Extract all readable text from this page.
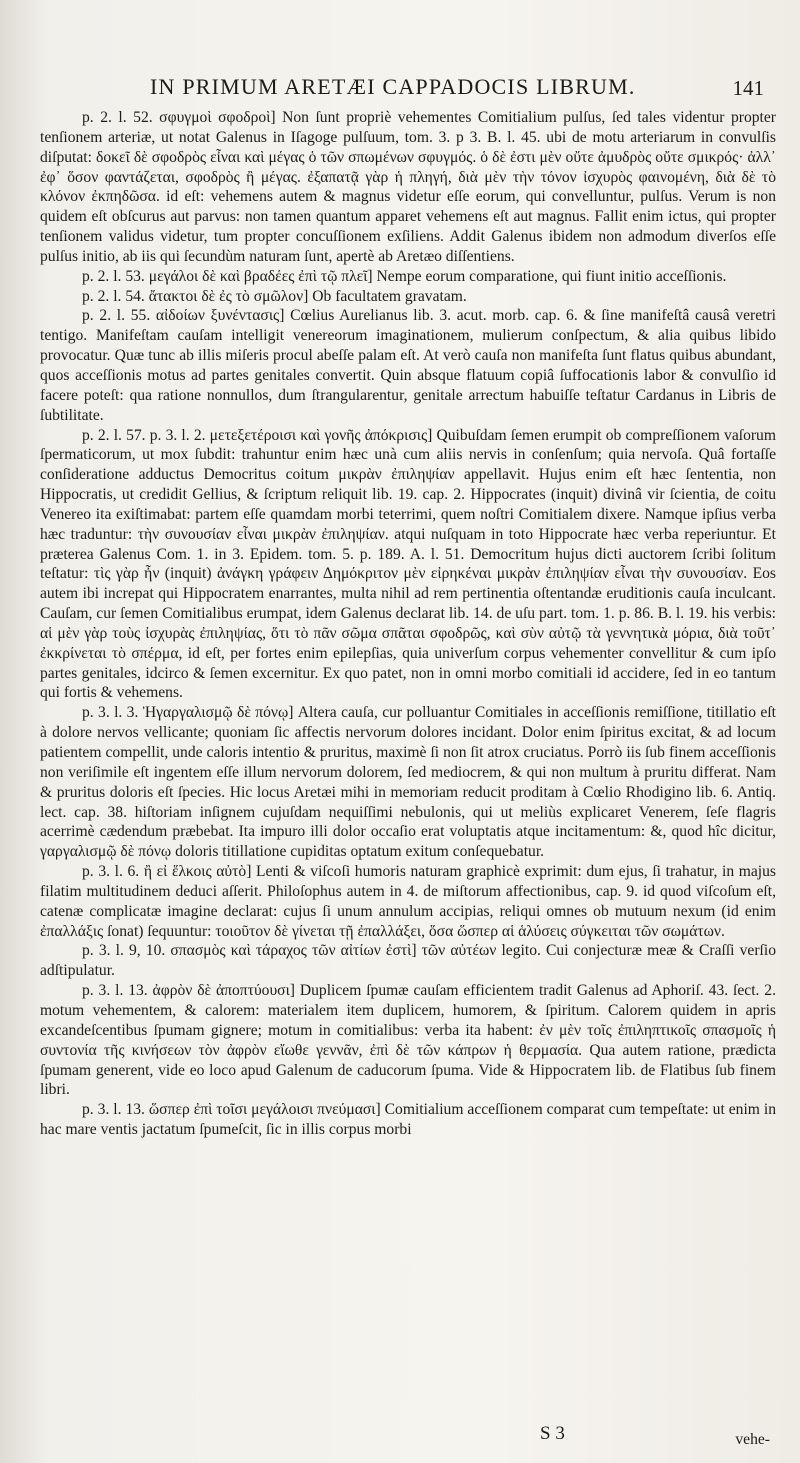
IN PRIMUM ARETÆI CAPPADOCIS LIBRUM.	141

p. 2. l. 52. σφυγμοὶ σφοδροὶ] Non ſunt propriè vehementes Comitialium pulſus, ſed tales videntur propter tenſionem arteriæ, ut notat Galenus in Iſagoge pulſuum, tom. 3. p 3. B. l. 45. ubi de motu arteriarum in convulſis diſputat: δοκεῖ δὲ σφοδρὸς εἶναι καὶ μέγας ὁ τῶν σπωμένων σφυγμός. ὁ δὲ ἐστι μὲν οὔτε ἀμυδρὸς οὔτε σμικρός· ἀλλ᾽ ἐφ᾽ ὅσον φαντάζεται, σφοδρὸς ἢ μέγας. ἐξαπατᾷ γὰρ ἡ πληγή, διὰ μὲν τὴν τόνον ἰσχυρὸς φαινομένη, διὰ δὲ τὸ κλόνον ἐκπηδῶσα. id eſt: vehemens autem & magnus videtur eſſe eorum, qui convelluntur, pulſus. Verum is non quidem eſt obſcurus aut parvus: non tamen quantum apparet vehemens eſt aut magnus. Fallit enim ictus, qui propter tenſionem validus videtur, tum propter concuſſionem exſiliens. Addit Galenus ibidem non admodum diverſos eſſe pulſus initio, ab iis qui ſecundùm naturam ſunt, apertè ab Aretæo diſſentiens.

p. 2. l. 53. μεγάλοι δὲ καὶ βραδέες ἐπὶ τῷ πλεῖ] Nempe eorum comparatione, qui fiunt initio acceſſionis.

p. 2. l. 54. ἄτακτοι δὲ ἐς τὸ σμῶλον] Ob facultatem gravatam.

p. 2. l. 55. αἰδοίων ξυνέντασις] Cœlius Aurelianus lib. 3. acut. morb. cap. 6. & ſine manifeſtâ causâ veretri tentigo. Manifeſtam cauſam intelligit venereorum imaginationem, mulierum conſpectum, & alia quibus libido provocatur. Quæ tunc ab illis miſeris procul abeſſe palam eſt. At verò cauſa non manifeſta ſunt flatus quibus abundant, quos acceſſionis motus ad partes genitales convertit. Quin absque flatuum copiâ ſuffocationis labor & convulſio id facere poteſt: qua ratione nonnullos, dum ſtrangularentur, genitale arrectum habuiſſe teſtatur Cardanus in Libris de ſubtilitate.

p. 2. l. 57. p. 3. l. 2. μετεξετέροισι καὶ γονῆς ἀπόκρισις] Quibuſdam ſemen erumpit ob compreſſionem vaſorum ſpermaticorum, ut mox ſubdit: trahuntur enim hæc unà cum aliis nervis in conſenſum; quia nervoſa. Quâ fortaſſe conſideratione adductus Democritus coitum μικρὰν ἐπιληψίαν appellavit. Hujus enim eſt hæc ſententia, non Hippocratis, ut credidit Gellius, & ſcriptum reliquit lib. 19. cap. 2. Hippocrates (inquit) divinâ vir ſcientia, de coitu Venereo ita exiſtimabat: partem eſſe quamdam morbi teterrimi, quem noſtri Comitialem dixere. Namque ipſius verba hæc traduntur: τὴν συνουσίαν εἶναι μικρὰν ἐπιληψίαν. atqui nuſquam in toto Hippocrate hæc verba reperiuntur. Et præterea Galenus Com. 1. in 3. Epidem. tom. 5. p. 189. A. l. 51. Democritum hujus dicti auctorem ſcribi ſolitum teſtatur: τὶς γὰρ ἦν (inquit) ἀνάγκη γράφειν Δημόκριτον μὲν εἰρηκέναι μικρὰν ἐπιληψίαν εἶναι τὴν συνουσίαν. Eos autem ibi increpat qui Hippocratem enarrantes, multa nihil ad rem pertinentia oſtentandæ eruditionis cauſa inculcant. Cauſam, cur ſemen Comitialibus erumpat, idem Galenus declarat lib. 14. de uſu part. tom. 1. p. 86. B. l. 19. his verbis: αἱ μὲν γὰρ τοὺς ἰσχυρὰς ἐπιληψίας, ὅτι τὸ πᾶν σῶμα σπᾶται σφοδρῶς, καὶ σὺν αὐτῷ τὰ γεννητικὰ μόρια, διὰ τοῦτ᾽ ἐκκρίνεται τὸ σπέρμα, id eſt, per fortes enim epilepſias, quia univerſum corpus vehementer convellitur & cum ipſo partes genitales, idcirco & ſemen excernitur. Ex quo patet, non in omni morbo comitiali id accidere, ſed in eo tantum qui fortis & vehemens.

p. 3. l. 3. Ἠγαργαλισμῷ δὲ πόνῳ] Altera cauſa, cur polluantur Comitiales in acceſſionis remiſſione, titillatio eſt à dolore nervos vellicante; quoniam ſic affectis nervorum dolores incidant. Dolor enim ſpiritus excitat, & ad locum patientem compellit, unde caloris intentio & pruritus, maximè ſi non ſit atrox cruciatus. Porrò iis ſub finem acceſſionis non veriſimile eſt ingentem eſſe illum nervorum dolorem, ſed mediocrem, & qui non multum à pruritu differat. Nam & pruritus doloris eſt ſpecies. Hic locus Aretæi mihi in memoriam reducit proditam à Cœlio Rhodigino lib. 6. Antiq. lect. cap. 38. hiſtoriam inſignem cujuſdam nequiſſimi nebulonis, qui ut meliùs explicaret Venerem, ſeſe flagris acerrimè cædendum præbebat. Ita impuro illi dolor occaſio erat voluptatis atque incitamentum: &, quod hîc dicitur, γαργαλισμῷ δὲ πόνῳ doloris titillatione cupiditas optatum exitum conſequebatur.

p. 3. l. 6. ἢ εἰ ἕλκοις αὐτὸ] Lenti & viſcoſi humoris naturam graphicè exprimit: dum ejus, ſi trahatur, in majus filatim multitudinem deduci aſſerit. Philoſophus autem in 4. de miſtorum affectionibus, cap. 9. id quod viſcoſum eſt, catenæ complicatæ imagine declarat: cujus ſi unum annulum accipias, reliqui omnes ob mutuum nexum (id enim ἐπαλλάξις ſonat) ſequuntur: τοιοῦτον δὲ γίνεται τῇ ἐπαλλάξει, ὅσα ὥσπερ αἱ ἁλύσεις σύγκειται τῶν σωμάτων.

p. 3. l. 9, 10. σπασμὸς καὶ τάραχος τῶν αἰτίων ἐστὶ] τῶν αὐτέων legito. Cui conjecturæ meæ & Craſſi verſio adſtipulatur.

p. 3. l. 13. ἀφρὸν δὲ ἀποπτύουσι] Duplicem ſpumæ cauſam efficientem tradit Galenus ad Aphoriſ. 43. ſect. 2. motum vehementem, & calorem: materialem item duplicem, humorem, & ſpiritum. Calorem quidem in apris excandeſcentibus ſpumam gignere; motum in comitialibus: verba ita habent: ἐν μὲν τοῖς ἐπιληπτικοῖς σπασμοῖς ἡ συντονία τῆς κινήσεων τὸν ἀφρὸν εἴωθε γεννᾶν, ἐπὶ δὲ τῶν κάπρων ἡ θερμασία. Qua autem ratione, prædicta ſpumam generent, vide eo loco apud Galenum de caducorum ſpuma. Vide & Hippocratem lib. de Flatibus ſub finem libri.

p. 3. l. 13. ὥσπερ ἐπὶ τοῖσι μεγάλοισι πνεύμασι] Comitialium acceſſionem comparat cum tempeſtate: ut enim in hac mare ventis jactatum ſpumeſcit, ſic in illis corpus morbi

S 3	vehe-
